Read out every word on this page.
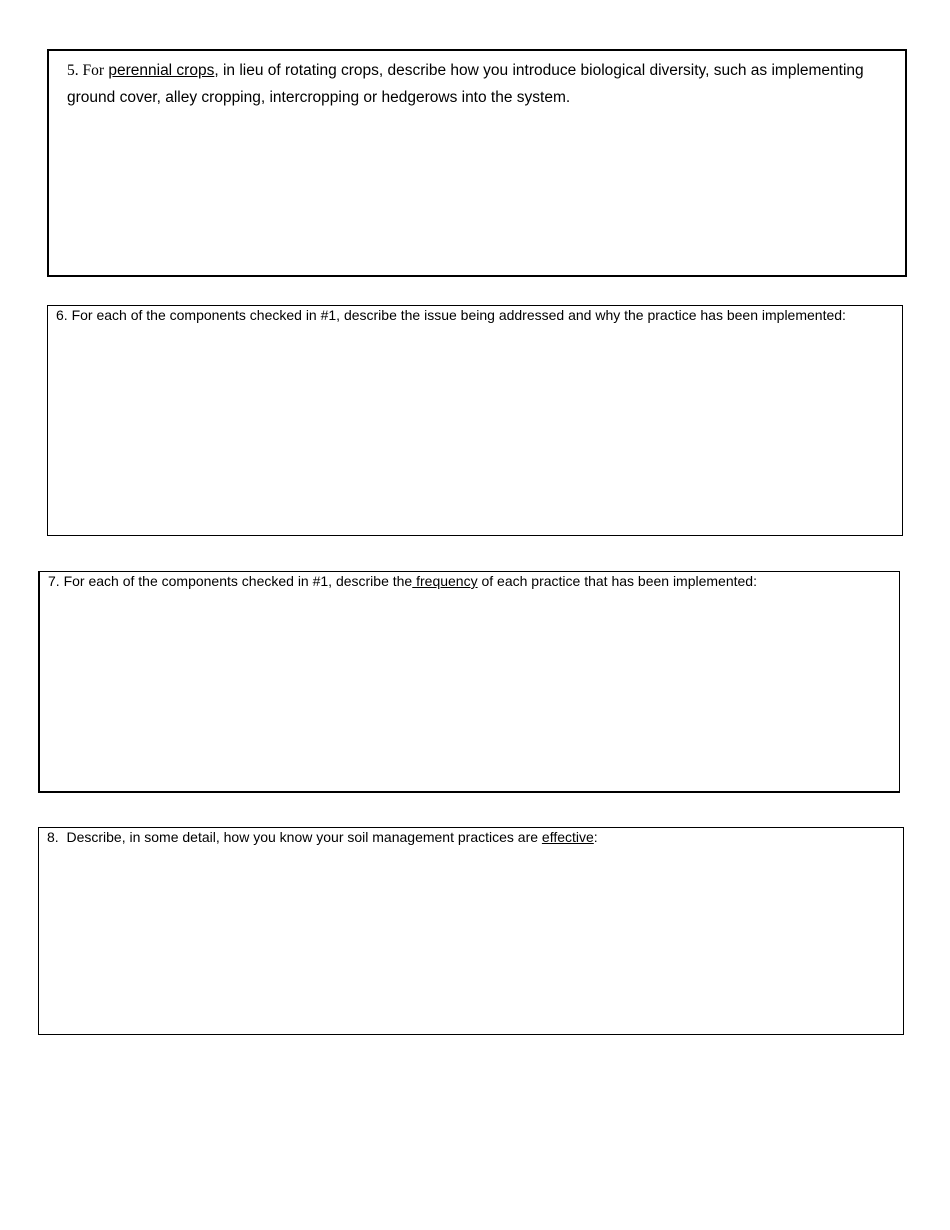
5. For perennial crops, in lieu of rotating crops, describe how you introduce biological diversity, such as implementing
ground cover, alley cropping, intercropping or hedgerows into the system.
6. For each of the components checked in #1, describe the issue being addressed and why the practice has been implemented:
7. For each of the components checked in #1, describe the frequency of each practice that has been implemented:
8.  Describe, in some detail, how you know your soil management practices are effective:
